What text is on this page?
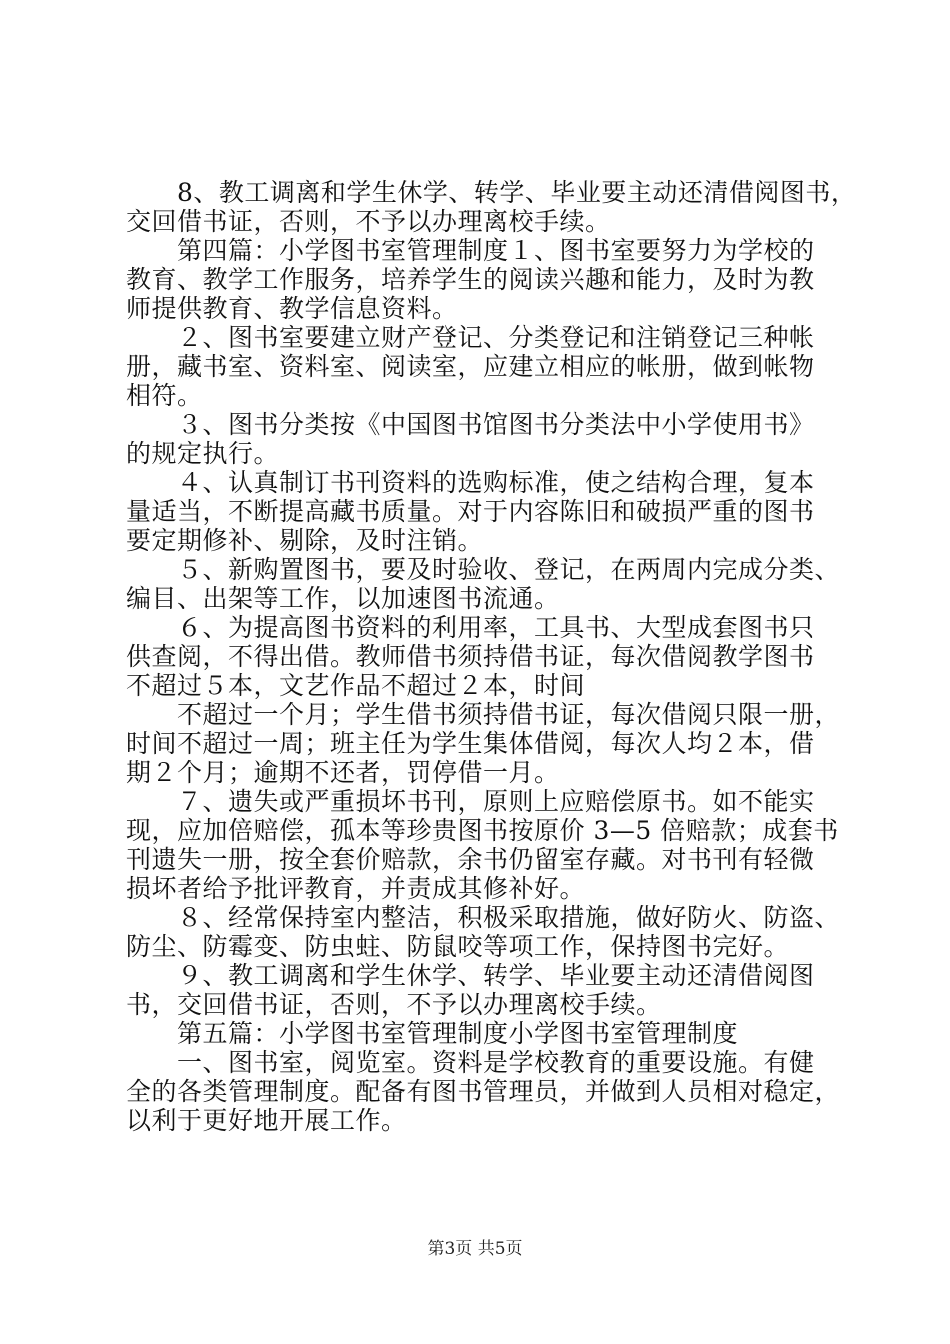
　　8、教工调离和学生休学、转学、毕业要主动还清借阅图书，
交回借书证，否则，不予以办理离校手续。
　　第四篇：小学图书室管理制度１、图书室要努力为学校的
教育、教学工作服务，培养学生的阅读兴趣和能力，及时为教
师提供教育、教学信息资料。
　　２、图书室要建立财产登记、分类登记和注销登记三种帐
册，藏书室、资料室、阅读室，应建立相应的帐册，做到帐物
相符。
　　３、图书分类按《中国图书馆图书分类法中小学使用书》
的规定执行。
　　４、认真制订书刊资料的选购标准，使之结构合理，复本
量适当，不断提高藏书质量。对于内容陈旧和破损严重的图书
要定期修补、剔除，及时注销。
　　５、新购置图书，要及时验收、登记，在两周内完成分类、
编目、出架等工作，以加速图书流通。
　　６、为提高图书资料的利用率，工具书、大型成套图书只
供查阅，不得出借。教师借书须持借书证，每次借阅教学图书
不超过５本，文艺作品不超过２本，时间
　　不超过一个月；学生借书须持借书证，每次借阅只限一册，
时间不超过一周；班主任为学生集体借阅，每次人均２本，借
期２个月；逾期不还者，罚停借一月。
　　７、遗失或严重损坏书刊，原则上应赔偿原书。如不能实
现，应加倍赔偿，孤本等珍贵图书按原价 3—5 倍赔款；成套书
刊遗失一册，按全套价赔款，余书仍留室存藏。对书刊有轻微
损坏者给予批评教育，并责成其修补好。
　　８、经常保持室内整洁，积极采取措施，做好防火、防盗、
防尘、防霉变、防虫蛀、防鼠咬等项工作，保持图书完好。
　　９、教工调离和学生休学、转学、毕业要主动还清借阅图
书，交回借书证，否则，不予以办理离校手续。
　　第五篇：小学图书室管理制度小学图书室管理制度
　　一、图书室，阅览室。资料是学校教育的重要设施。有健
全的各类管理制度。配备有图书管理员，并做到人员相对稳定，
以利于更好地开展工作。
第3页 共5页
